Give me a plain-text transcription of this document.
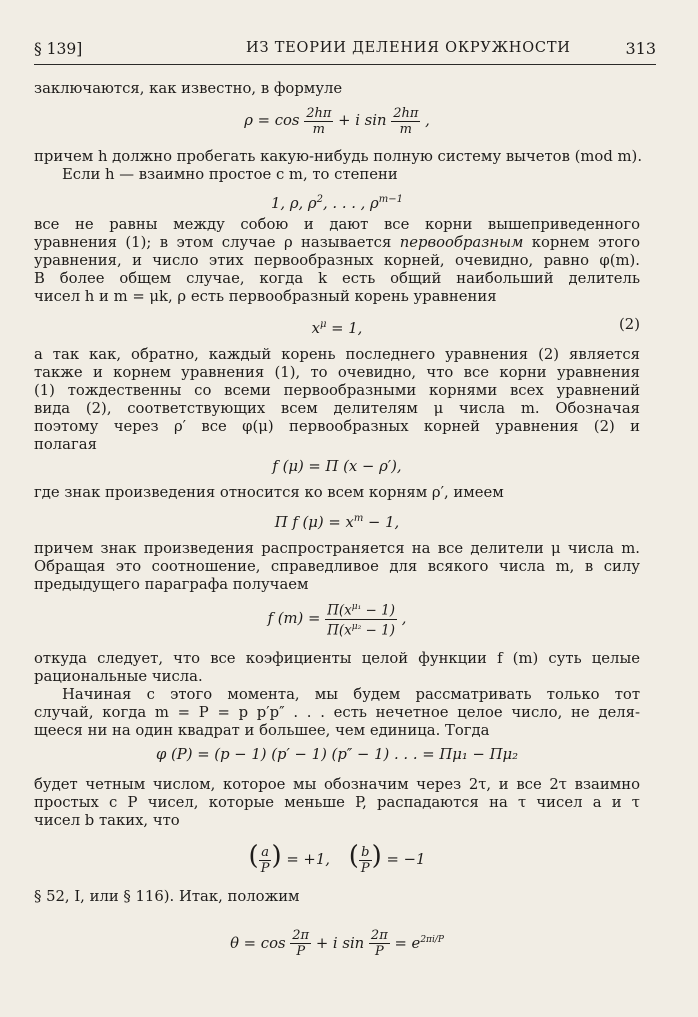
§ 139]	ИЗ ТЕОРИИ ДЕЛЕНИЯ ОКРУЖНОСТИ	313
заключаются, как известно, в формуле
$\rho = \cos \frac{2h\pi}{m} + i$ $\sin \frac{2h\pi}{m}$ ,
причем h должно пробегать какую-нибудь полную систему вычетов (mod m).
Если h — взаимно простое с m, то степени
1, ρ, $\rho^2$, . . . , $\rho^{m-1}$
все не равны между собою и дают все корни вышеприведенного
уравнения (1); в этом случае ρ называется первообразным корнем этого
уравнения, и число этих первообразных корней, очевидно, равно φ(m).
В более общем случае, когда k есть общий наибольший делитель
чисел h и m = μk, ρ есть первообразный корень уравнения
$x^\mu = 1$,	(2)
а так как, обратно, каждый корень последнего уравнения (2) является
также и корнем уравнения (1), то очевидно, что все корни уравнения
(1) тождественны со всеми первообразными корнями всех уравнений
вида (2), соответствующих всем делителям μ числа m. Обозначая
поэтому через ρ′ все φ(μ) первообразных корней уравнения (2) и
полагая
f (μ) = Π (x − ρ′),
где знак произведения относится ко всем корням ρ′, имеем
Π f $(\mu) = x^m - 1$,
причем знак произведения распространяется на все делители μ числа m.
Обращая это соотношение, справедливое для всякого числа m, в силу
предыдущего параграфа получаем
f $(m) = \frac{\Pi(x^{\mu_1} - 1)}{\Pi(x^{\mu_2} - 1)}$ ,
откуда следует, что все коэфициенты целой функции f (m) суть целые
рациональные числа.
Начиная с этого момента, мы будем рассматривать только тот
случай, когда m = P = p p′p″ . . . есть нечетное целое число, не деля-
щееся ни на один квадрат и большее, чем единица. Тогда
φ (P) = (p − 1) (p′ − 1) (p″ − 1) . . . = Πμ₁ − Πμ₂
будет четным числом, которое мы обозначим через 2τ, и все 2τ взаимно
простых с P чисел, которые меньше P, распадаются на τ чисел a и τ
чисел b таких, что
( $\frac{a}{P}$ ) = +1,    ( $\frac{b}{P}$ ) = −1
§ 52, I, или § 116). Итак, положим
$\theta = \cos \frac{2\pi}{P} + i$ $\sin \frac{2\pi}{P} = e^{2\pi i/P}$
